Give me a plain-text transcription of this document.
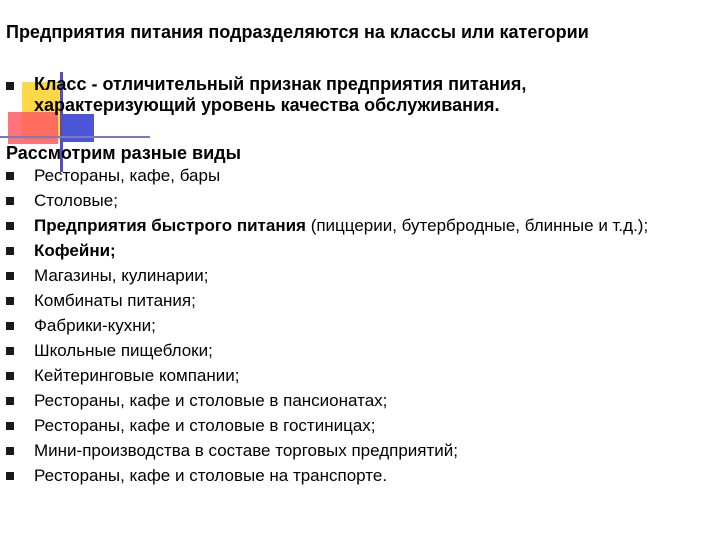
Предприятия питания подразделяются на классы или категории
Класс - отличительный признак предприятия питания, характеризующий уровень качества обслуживания.
Рассмотрим разные виды
Рестораны, кафе, бары
Столовые;
Предприятия быстрого питания (пиццерии, бутербродные, блинные и т.д.);
Кофейни;
Магазины, кулинарии;
Комбинаты питания;
Фабрики-кухни;
Школьные пищеблоки;
Кейтеринговые компании;
Рестораны, кафе и столовые в пансионатах;
Рестораны, кафе и столовые в гостиницах;
Мини-производства в составе торговых предприятий;
Рестораны, кафе и столовые на транспорте.
